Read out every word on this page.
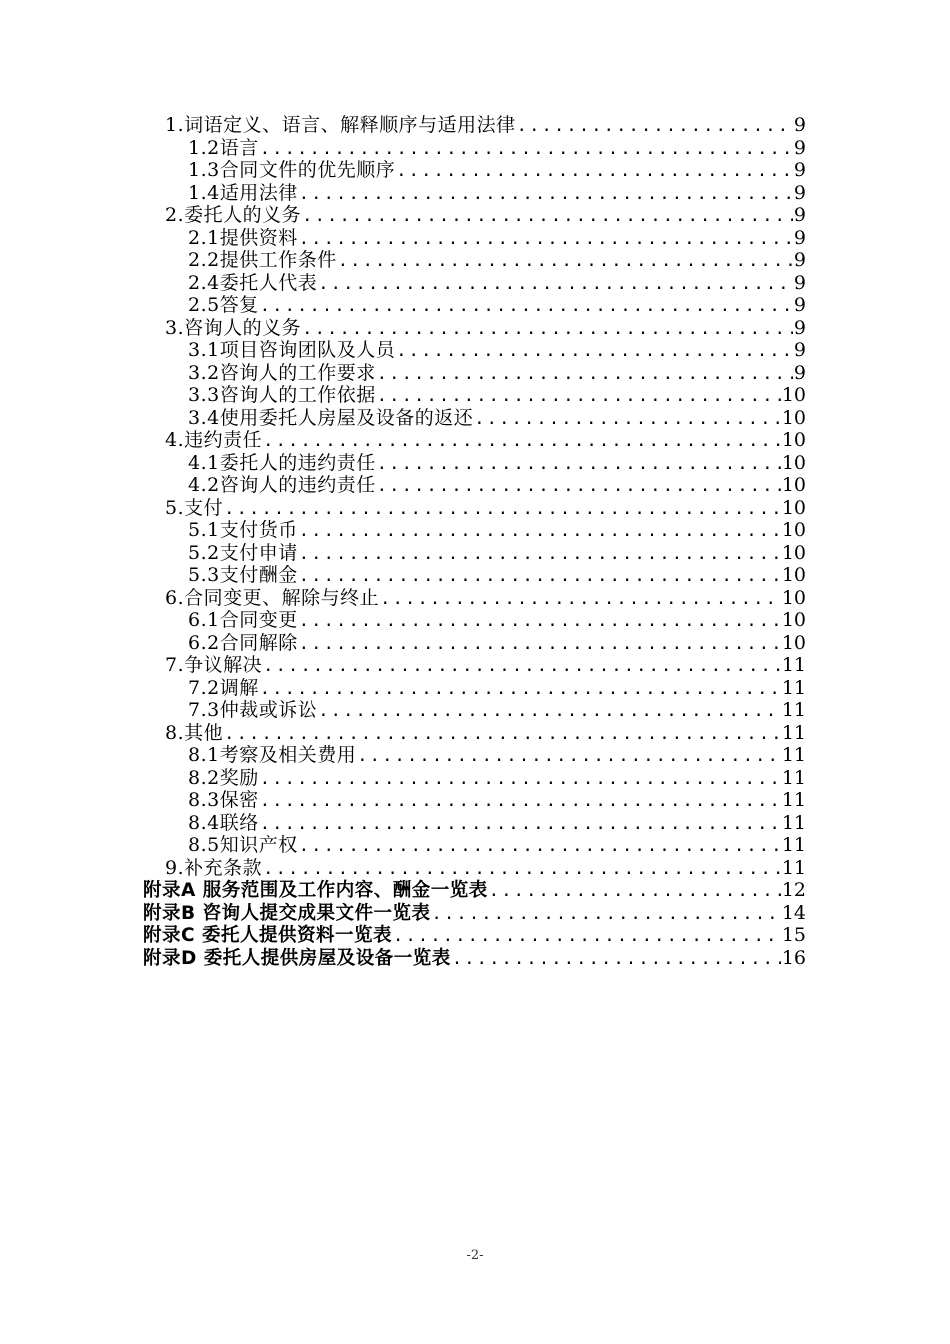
1.词语定义、语言、解释顺序与适用法律 .....	9
1.2语言 .....	9
1.3合同文件的优先顺序 .....	9
1.4适用法律 .....	9
2.委托人的义务 .....	9
2.1提供资料 .....	9
2.2提供工作条件 .....	9
2.4委托人代表 .....	9
2.5答复 .....	9
3.咨询人的义务 .....	9
3.1项目咨询团队及人员 .....	9
3.2咨询人的工作要求 .....	9
3.3咨询人的工作依据 .....	10
3.4使用委托人房屋及设备的返还 .....	10
4.违约责任 .....	10
4.1委托人的违约责任 .....	10
4.2咨询人的违约责任 .....	10
5.支付 .....	10
5.1支付货币 .....	10
5.2支付申请 .....	10
5.3支付酬金 .....	10
6.合同变更、解除与终止 .....	10
6.1合同变更 .....	10
6.2合同解除 .....	10
7.争议解决 .....	11
7.2调解 .....	11
7.3仲裁或诉讼 .....	11
8.其他 .....	11
8.1考察及相关费用 .....	11
8.2奖励 .....	11
8.3保密 .....	11
8.4联络 .....	11
8.5知识产权 .....	11
9.补充条款 .....	11
附录A 服务范围及工作内容、酬金一览表 .....	12
附录B 咨询人提交成果文件一览表 .....	14
附录C 委托人提供资料一览表 .....	15
附录D 委托人提供房屋及设备一览表 .....	16
-2-
